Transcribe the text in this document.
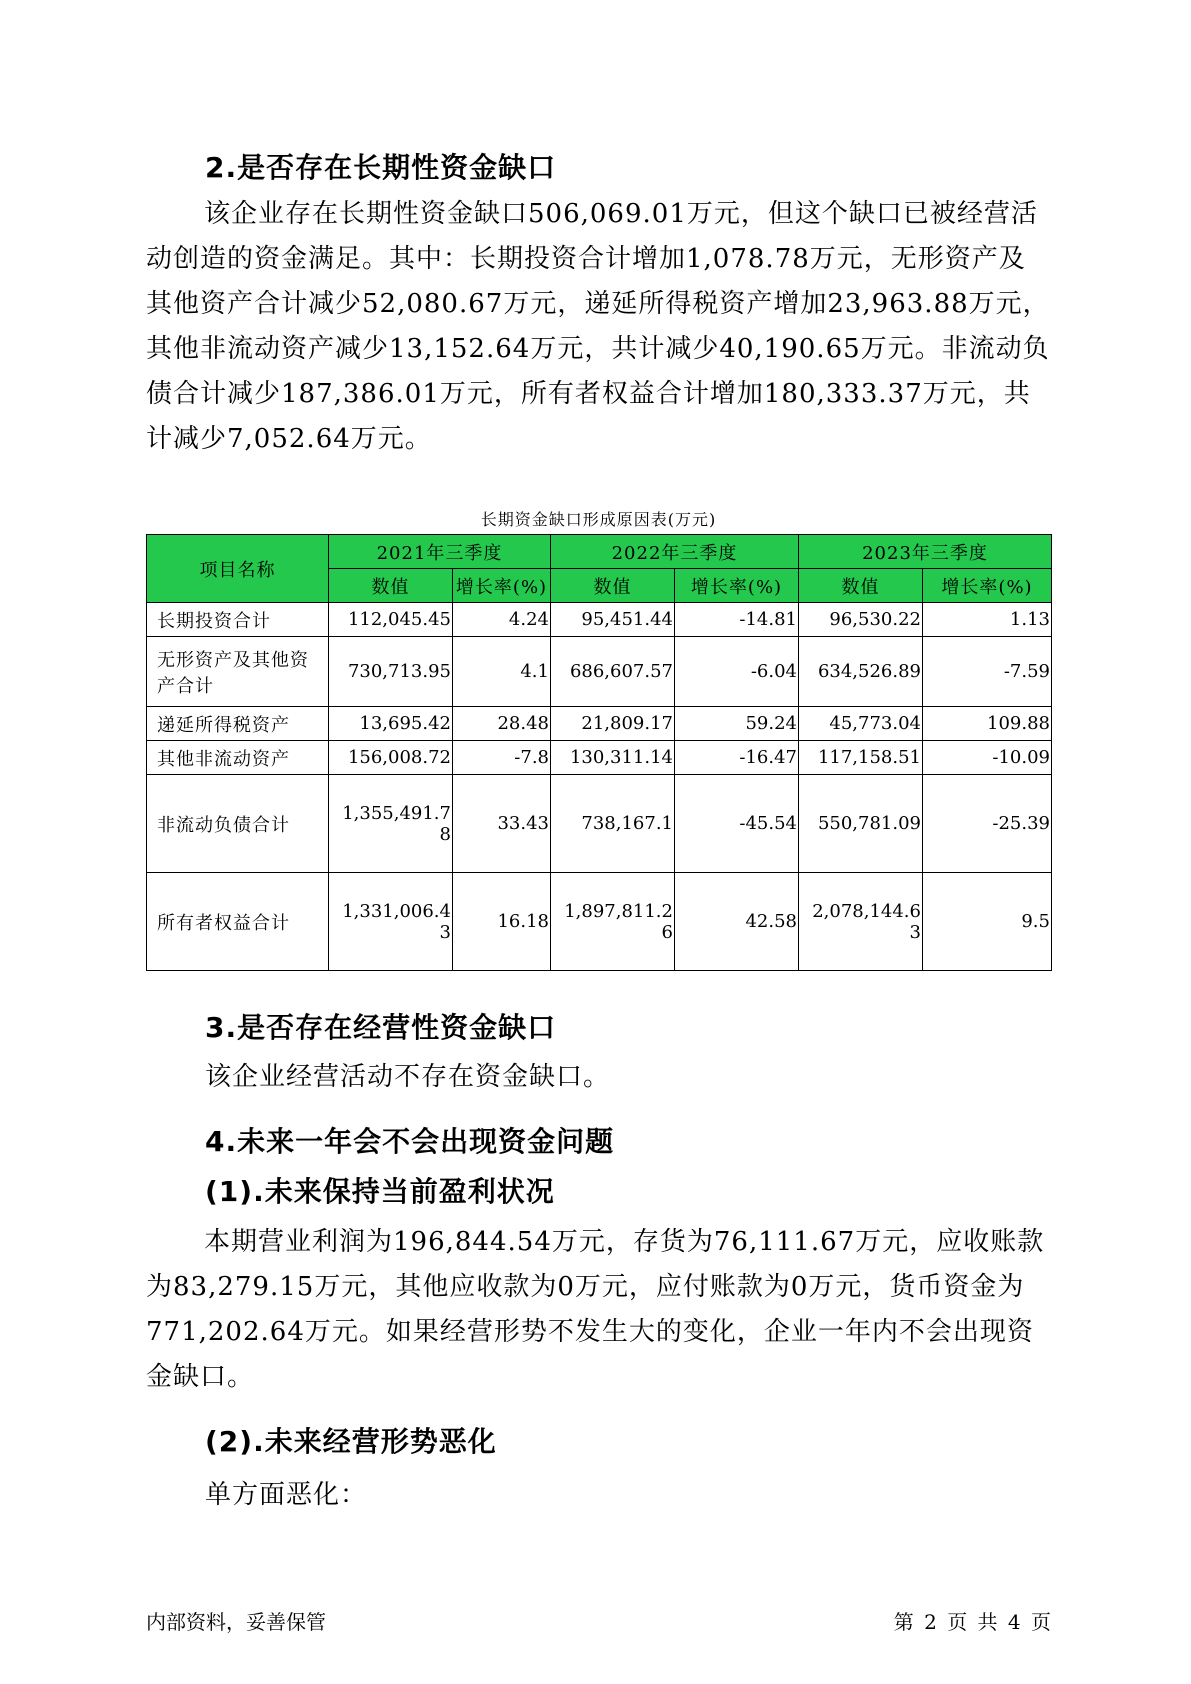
2.是否存在长期性资金缺口
该企业存在长期性资金缺口506,069.01万元，但这个缺口已被经营活动创造的资金满足。其中：长期投资合计增加1,078.78万元，无形资产及其他资产合计减少52,080.67万元，递延所得税资产增加23,963.88万元，其他非流动资产减少13,152.64万元，共计减少40,190.65万元。非流动负债合计减少187,386.01万元，所有者权益合计增加180,333.37万元，共计减少7,052.64万元。
长期资金缺口形成原因表(万元)
项目名称	2021年三季度		2022年三季度		2023年三季度	
	数值	增长率(%)	数值	增长率(%)	数值	增长率(%)
长期投资合计	112,045.45	4.24	95,451.44	-14.81	96,530.22	1.13
无形资产及其他资产合计	730,713.95	4.1	686,607.57	-6.04	634,526.89	-7.59
递延所得税资产	13,695.42	28.48	21,809.17	59.24	45,773.04	109.88
其他非流动资产	156,008.72	-7.8	130,311.14	-16.47	117,158.51	-10.09
非流动负债合计	1,355,491.78	33.43	738,167.1	-45.54	550,781.09	-25.39
所有者权益合计	1,331,006.43	16.18	1,897,811.26	42.58	2,078,144.63	9.5
3.是否存在经营性资金缺口
该企业经营活动不存在资金缺口。
4.未来一年会不会出现资金问题
(1).未来保持当前盈利状况
本期营业利润为196,844.54万元，存货为76,111.67万元，应收账款为83,279.15万元，其他应收款为0万元，应付账款为0万元，货币资金为771,202.64万元。如果经营形势不发生大的变化，企业一年内不会出现资金缺口。
(2).未来经营形势恶化
单方面恶化：
内部资料，妥善保管	第 2 页 共 4 页
